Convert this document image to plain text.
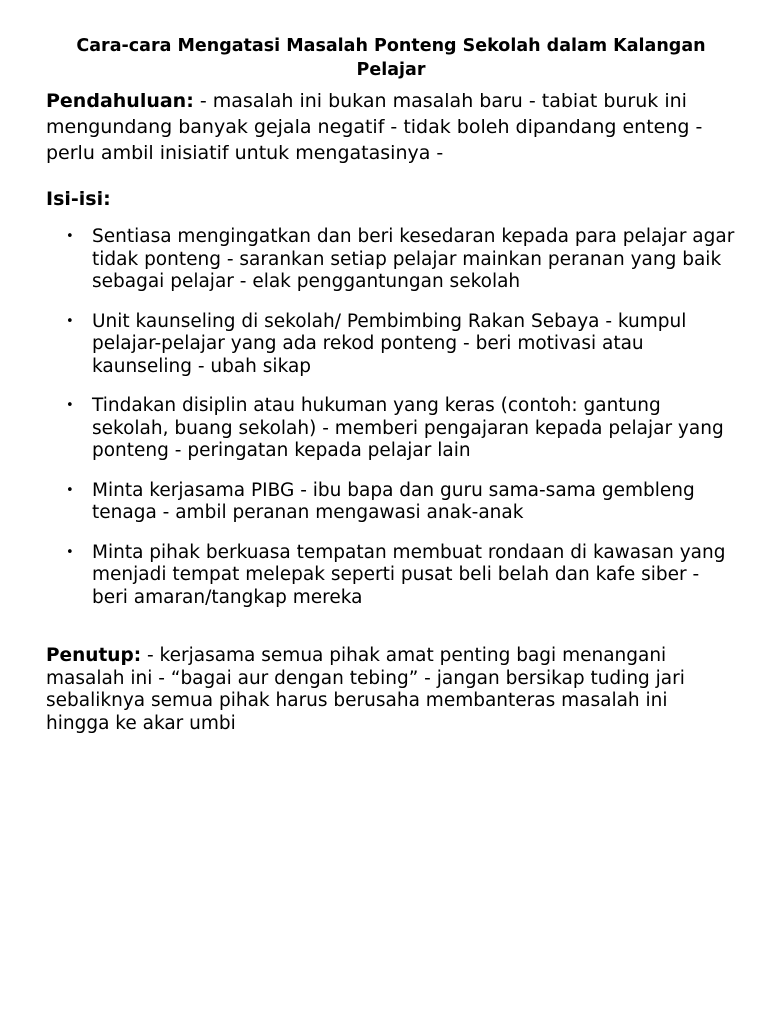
Cara-cara Mengatasi Masalah Ponteng Sekolah dalam Kalangan Pelajar

Pendahuluan: - masalah ini bukan masalah baru - tabiat buruk ini mengundang banyak gejala negatif - tidak boleh dipandang enteng - perlu ambil inisiatif untuk mengatasinya -

Isi-isi:
• Sentiasa mengingatkan dan beri kesedaran kepada para pelajar agar tidak ponteng - sarankan setiap pelajar mainkan peranan yang baik sebagai pelajar - elak penggantungan sekolah
• Unit kaunseling di sekolah/ Pembimbing Rakan Sebaya - kumpul pelajar-pelajar yang ada rekod ponteng - beri motivasi atau kaunseling - ubah sikap
• Tindakan disiplin atau hukuman yang keras (contoh: gantung sekolah, buang sekolah) - memberi pengajaran kepada pelajar yang ponteng - peringatan kepada pelajar lain
• Minta kerjasama PIBG - ibu bapa dan guru sama-sama gembleng tenaga - ambil peranan mengawasi anak-anak
• Minta pihak berkuasa tempatan membuat rondaan di kawasan yang menjadi tempat melepak seperti pusat beli belah dan kafe siber - beri amaran/tangkap mereka

Penutup: - kerjasama semua pihak amat penting bagi menangani masalah ini - “bagai aur dengan tebing” - jangan bersikap tuding jari sebaliknya semua pihak harus berusaha membanteras masalah ini hingga ke akar umbi
